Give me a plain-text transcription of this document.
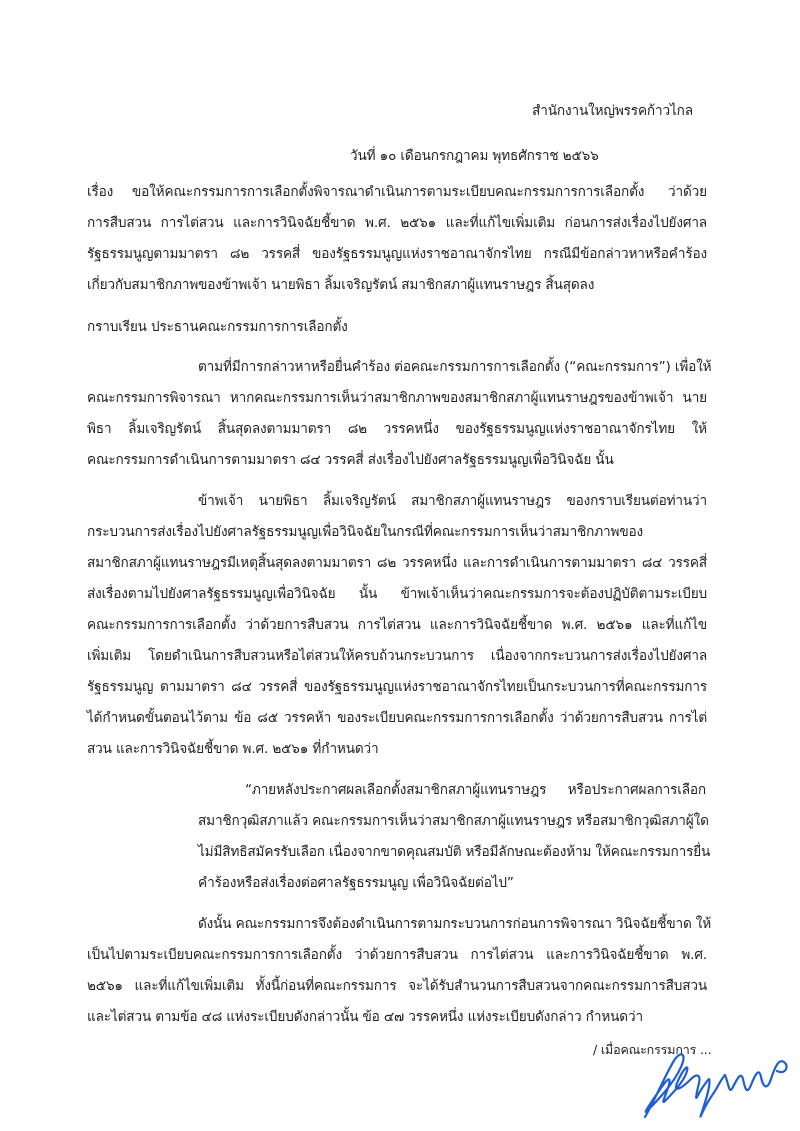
สำนักงานใหญ่พรรคก้าวไกล
วันที่ ๑๐ เดือนกรกฎาคม พุทธศักราช ๒๕๖๖
เรื่อง ขอให้คณะกรรมการการเลือกตั้งพิจารณาดำเนินการตามระเบียบคณะกรรมการการเลือกตั้ง ว่าด้วย
การสืบสวน การไต่สวน และการวินิจฉัยชี้ขาด พ.ศ. ๒๕๖๑ และที่แก้ไขเพิ่มเติม ก่อนการส่งเรื่องไปยังศาล
รัฐธรรมนูญตามมาตรา ๘๒ วรรคสี่ ของรัฐธรรมนูญแห่งราชอาณาจักรไทย กรณีมีข้อกล่าวหาหรือคำร้อง
เกี่ยวกับสมาชิกภาพของข้าพเจ้า นายพิธา ลิ้มเจริญรัตน์ สมาชิกสภาผู้แทนราษฎร สิ้นสุดลง
กราบเรียน ประธานคณะกรรมการการเลือกตั้ง
ตามที่มีการกล่าวหาหรือยื่นคำร้อง ต่อคณะกรรมการการเลือกตั้ง (“คณะกรรมการ”) เพื่อให้
คณะกรรมการพิจารณา หากคณะกรรมการเห็นว่าสมาชิกภาพของสมาชิกสภาผู้แทนราษฎรของข้าพเจ้า นาย
พิธา ลิ้มเจริญรัตน์ สิ้นสุดลงตามมาตรา ๘๒ วรรคหนึ่ง ของรัฐธรรมนูญแห่งราชอาณาจักรไทย ให้
คณะกรรมการดำเนินการตามมาตรา ๘๔ วรรคสี่ ส่งเรื่องไปยังศาลรัฐธรรมนูญเพื่อวินิจฉัย นั้น
ข้าพเจ้า นายพิธา ลิ้มเจริญรัตน์ สมาชิกสภาผู้แทนราษฎร ของกราบเรียนต่อท่านว่า
กระบวนการส่งเรื่องไปยังศาลรัฐธรรมนูญเพื่อวินิจฉัยในกรณีที่คณะกรรมการเห็นว่าสมาชิกภาพของ
สมาชิกสภาผู้แทนราษฎรมีเหตุสิ้นสุดลงตามมาตรา ๘๒ วรรคหนึ่ง และการดำเนินการตามมาตรา ๘๔ วรรคสี่
ส่งเรื่องตามไปยังศาลรัฐธรรมนูญเพื่อวินิจฉัย นั้น ข้าพเจ้าเห็นว่าคณะกรรมการจะต้องปฏิบัติตามระเบียบ
คณะกรรมการการเลือกตั้ง ว่าด้วยการสืบสวน การไต่สวน และการวินิจฉัยชี้ขาด พ.ศ. ๒๕๖๑ และที่แก้ไข
เพิ่มเติม โดยดำเนินการสืบสวนหรือไต่สวนให้ครบถ้วนกระบวนการ เนื่องจากกระบวนการส่งเรื่องไปยังศาล
รัฐธรรมนูญ ตามมาตรา ๘๔ วรรคสี่ ของรัฐธรรมนูญแห่งราชอาณาจักรไทยเป็นกระบวนการที่คณะกรรมการ
ได้กำหนดขั้นตอนไว้ตาม ข้อ ๘๕ วรรคห้า ของระเบียบคณะกรรมการการเลือกตั้ง ว่าด้วยการสืบสวน การไต่
สวน และการวินิจฉัยชี้ขาด พ.ศ. ๒๕๖๑ ที่กำหนดว่า
“ภายหลังประกาศผลเลือกตั้งสมาชิกสภาผู้แทนราษฎร หรือประกาศผลการเลือก
สมาชิกวุฒิสภาแล้ว คณะกรรมการเห็นว่าสมาชิกสภาผู้แทนราษฎร หรือสมาชิกวุฒิสภาผู้ใด
ไม่มีสิทธิสมัครรับเลือก เนื่องจากขาดคุณสมบัติ หรือมีลักษณะต้องห้าม ให้คณะกรรมการยื่น
คำร้องหรือส่งเรื่องต่อศาลรัฐธรรมนูญ เพื่อวินิจฉัยต่อไป”
ดังนั้น คณะกรรมการจึงต้องดำเนินการตามกระบวนการก่อนการพิจารณา วินิจฉัยชี้ขาด ให้
เป็นไปตามระเบียบคณะกรรมการการเลือกตั้ง ว่าด้วยการสืบสวน การไต่สวน และการวินิจฉัยชี้ขาด พ.ศ.
๒๕๖๑ และที่แก้ไขเพิ่มเติม ทั้งนี้ก่อนที่คณะกรรมการ จะได้รับสำนวนการสืบสวนจากคณะกรรมการสืบสวน
และไต่สวน ตามข้อ ๔๘ แห่งระเบียบดังกล่าวนั้น ข้อ ๔๗ วรรคหนึ่ง แห่งระเบียบดังกล่าว กำหนดว่า
/ เมื่อคณะกรรมการ ...
